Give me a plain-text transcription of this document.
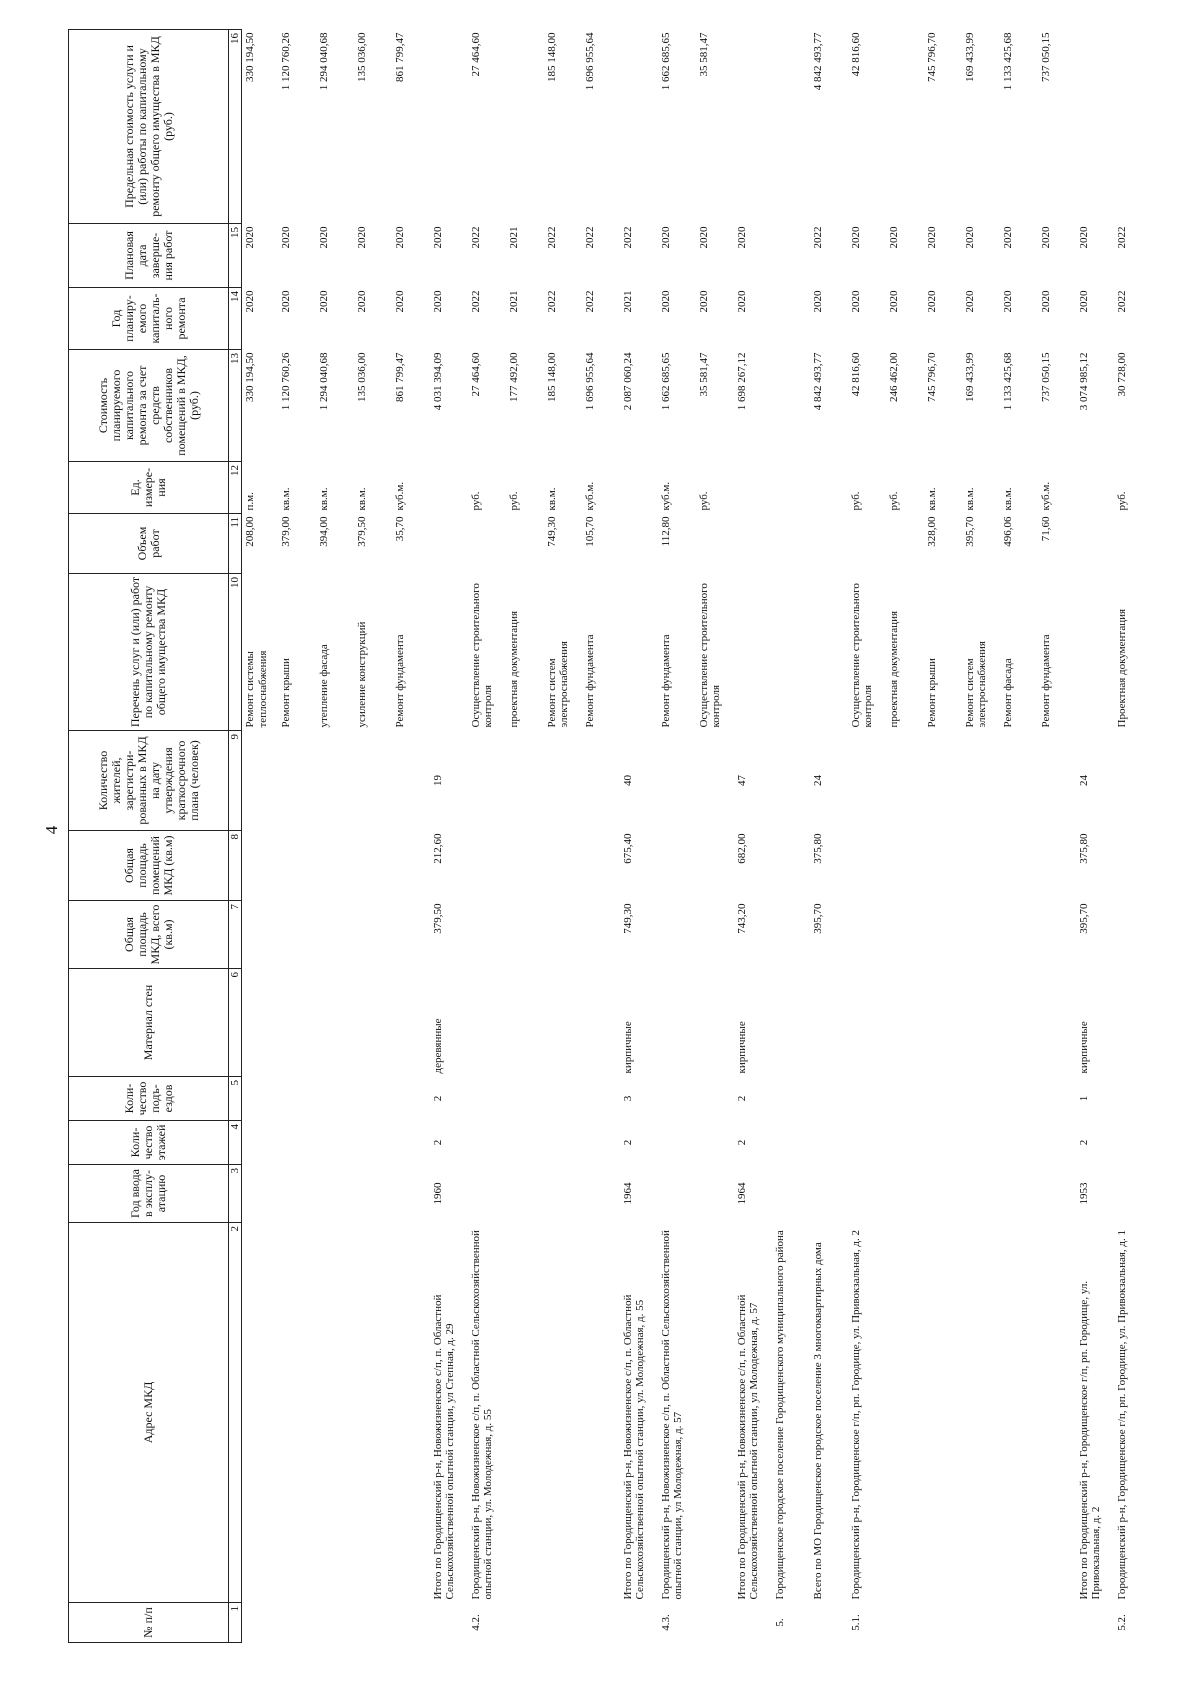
4
№ п/п	Адрес МКД	Год ввода в эксплу-атацию	Коли-чество этажей	Коли-чество подъ-ездов	Материал стен	Общая площадь МКД, всего (кв.м)	Общая площадь помещений МКД (кв.м)	Количество жителей, зарегистри-рованных в МКД на дату утверждения краткосрочного плана (человек)	Перечень услуг и (или) работ по капитальному ремонту общего имущества МКД	Объем работ	Ед. измере-ния	Стоимость планируемого капитального ремонта за счет средств собственников помещений в МКД, (руб.)	Год планиру-емого капиталь-ного ремонта	Плановая дата заверше-ния работ	Предельная стоимость услуги и (или) работы по капитальному ремонту общего имущества в МКД (руб.)
1	2	3	4	5	6	7	8	9	10	11	12	13	14	15	16
									Ремонт системы теплоснабжения	208,00	п.м.	330 194,50	2020	2020	330 194,50
									Ремонт крыши	379,00	кв.м.	1 120 760,26	2020	2020	1 120 760,26
									утепление фасада	394,00	кв.м.	1 294 040,68	2020	2020	1 294 040,68
									усиление конструкций	379,50	кв.м.	135 036,00	2020	2020	135 036,00
									Ремонт фундамента	35,70	куб.м.	861 799,47	2020	2020	861 799,47
	Итого по Городищенский р-н, Новожизненское с/п, п. Областной Сельскохозяйственной опытной станции, ул Степная, д. 29	1960	2	2	деревянные	379,50	212,60	19				4 031 394,09	2020	2020	
4.2.	Городищенский р-н, Новожизненское с/п, п. Областной Сельскохозяйственной опытной станции, ул. Молодежная, д. 55								Осуществление строительного контроля		руб.	27 464,60	2022	2022	27 464,60
									проектная документация		руб.	177 492,00	2021	2021	
									Ремонт систем электроснабжения	749,30	кв.м.	185 148,00	2022	2022	185 148,00
									Ремонт фундамента	105,70	куб.м.	1 696 955,64	2022	2022	1 696 955,64
	Итого по Городищенский р-н, Новожизненское с/п, п. Областной Сельскохозяйственной опытной станции, ул. Молодежная, д. 55	1964	2	3	кирпичные	749,30	675,40	40				2 087 060,24	2021	2022	
4.3.	Городищенский р-н, Новожизненское с/п, п. Областной Сельскохозяйственной опытной станции, ул Молодежная, д. 57								Ремонт фундамента	112,80	куб.м.	1 662 685,65	2020	2020	1 662 685,65
									Осуществление строительного контроля		руб.	35 581,47	2020	2020	35 581,47
	Итого по Городищенский р-н, Новожизненское с/п, п. Областной Сельскохозяйственной опытной станции, ул Молодежная, д. 57	1964	2	2	кирпичные	743,20	682,00	47				1 698 267,12	2020	2020	
5.	Городищенское городское поселение Городищенского муниципального района														
	Всего по МО Городищенское городское поселение 3 многоквартирных дома					395,70	375,80	24				4 842 493,77	2020	2022	4 842 493,77
5.1.	Городищенский р-н, Городищенское г/п, рп. Городище, ул. Привокзальная, д. 2								Осуществление строительного контроля		руб.	42 816,60	2020	2020	42 816,60
									проектная документация		руб.	246 462,00	2020	2020	
									Ремонт крыши	328,00	кв.м.	745 796,70	2020	2020	745 796,70
									Ремонт систем электроснабжения	395,70	кв.м.	169 433,99	2020	2020	169 433,99
									Ремонт фасада	496,06	кв.м.	1 133 425,68	2020	2020	1 133 425,68
									Ремонт фундамента	71,60	куб.м.	737 050,15	2020	2020	737 050,15
	Итого по Городищенский р-н, Городищенское г/п, рп. Городище, ул. Привокзальная, д. 2	1953	2	1	кирпичные	395,70	375,80	24				3 074 985,12	2020	2020	
5.2.	Городищенский р-н, Городищенское г/п, рп. Городище, ул. Привокзальная, д. 1								Проектная документация		руб.	30 728,00	2022	2022	
